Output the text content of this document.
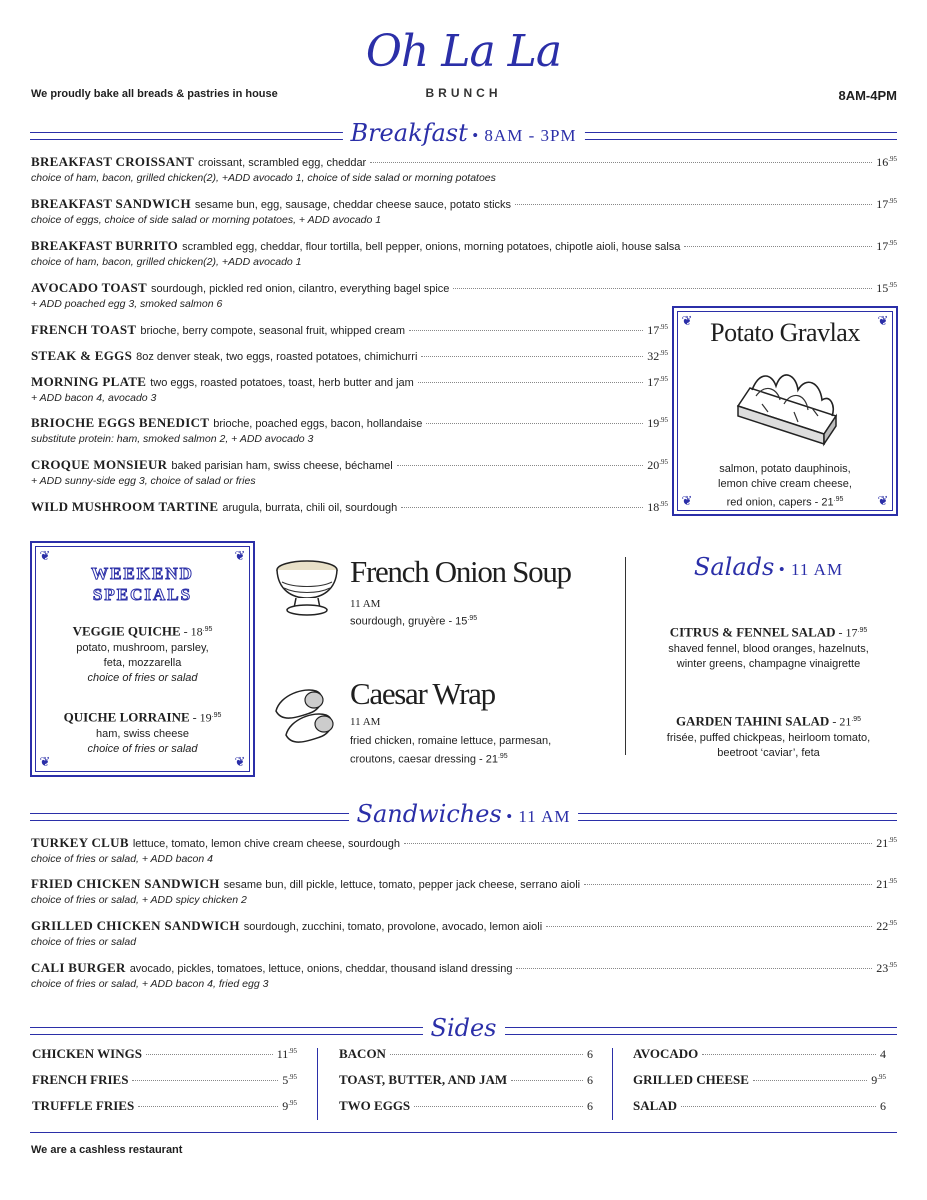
Oh La La
BRUNCH
We proudly bake all breads & pastries in house	8AM-4PM
Breakfast • 8AM - 3PM
BREAKFAST CROISSANT croissant, scrambled egg, cheddar	$16^{.95}$
choice of ham, bacon, grilled chicken(2), +ADD avocado 1, choice of side salad or morning potatoes
BREAKFAST SANDWICH sesame bun, egg, sausage, cheddar cheese sauce, potato sticks	$17^{.95}$
choice of eggs, choice of side salad or morning potatoes, + ADD avocado 1
BREAKFAST BURRITO scrambled egg, cheddar, flour tortilla, bell pepper, onions, morning potatoes, chipotle aioli, house salsa	$17^{.95}$
choice of ham, bacon, grilled chicken(2), +ADD avocado 1
AVOCADO TOAST sourdough, pickled red onion, cilantro, everything bagel spice	$15^{.95}$
+ ADD poached egg 3, smoked salmon 6
FRENCH TOAST brioche, berry compote, seasonal fruit, whipped cream	$17^{.95}$
STEAK & EGGS 8oz denver steak, two eggs, roasted potatoes, chimichurri	$32^{.95}$
MORNING PLATE two eggs, roasted potatoes, toast, herb butter and jam	$17^{.95}$
+ ADD bacon 4, avocado 3
BRIOCHE EGGS BENEDICT brioche, poached eggs, bacon, hollandaise	$19^{.95}$
substitute protein: ham, smoked salmon 2, + ADD avocado 3
CROQUE MONSIEUR baked parisian ham, swiss cheese, béchamel	$20^{.95}$
+ ADD sunny-side egg 3, choice of salad or fries
WILD MUSHROOM TARTINE arugula, burrata, chili oil, sourdough	$18^{.95}$
❦	❦
❦	❦
Potato Gravlax
salmon, potato dauphinois,
lemon chive cream cheese,
red onion, capers - $21^{.95}$
❦	❦
❦	❦
WEEKEND
SPECIALS
VEGGIE QUICHE - $18^{.95}$
potato, mushroom, parsley,
feta, mozzarella
choice of fries or salad
QUICHE LORRAINE - $19^{.95}$
ham, swiss cheese
choice of fries or salad
French Onion Soup
11 AM
sourdough, gruyère - $15^{.95}$
Caesar Wrap
11 AM
fried chicken, romaine lettuce, parmesan,
croutons, caesar dressing - $21^{.95}$
Salads • 11 AM
CITRUS & FENNEL SALAD - $17^{.95}$
shaved fennel, blood oranges, hazelnuts,
winter greens, champagne vinaigrette
GARDEN TAHINI SALAD - $21^{.95}$
frisée, puffed chickpeas, heirloom tomato,
beetroot ‘caviar’, feta
Sandwiches • 11 AM
TURKEY CLUB lettuce, tomato, lemon chive cream cheese, sourdough	$21^{.95}$
choice of fries or salad, + ADD bacon 4
FRIED CHICKEN SANDWICH sesame bun, dill pickle, lettuce, tomato, pepper jack cheese, serrano aioli	$21^{.95}$
choice of fries or salad, + ADD spicy chicken 2
GRILLED CHICKEN SANDWICH sourdough, zucchini, tomato, provolone, avocado, lemon aioli	$22^{.95}$
choice of fries or salad
CALI BURGER avocado, pickles, tomatoes, lettuce, onions, cheddar, thousand island dressing	$23^{.95}$
choice of fries or salad, + ADD bacon 4, fried egg 3
Sides
CHICKEN WINGS	$11^{.95}$
FRENCH FRIES	$5^{.95}$
TRUFFLE FRIES	$9^{.95}$
BACON	6
TOAST, BUTTER, AND JAM	6
TWO EGGS	6
AVOCADO	4
GRILLED CHEESE	$9^{.95}$
SALAD	6
We are a cashless restaurant
